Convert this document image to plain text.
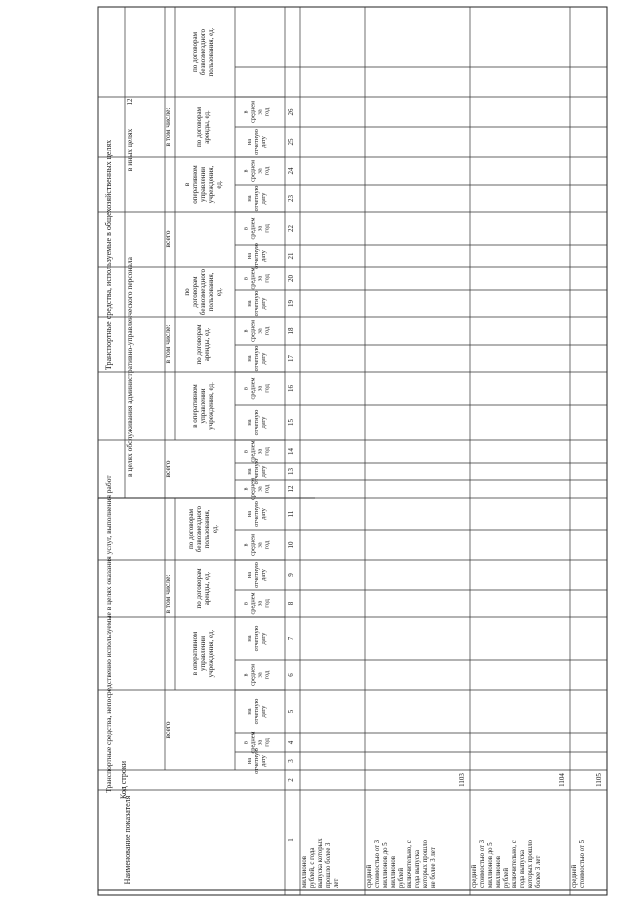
Транспортные средства, используемые в общехозяйственных целях в целях обслуживания административно-управленческого персонала
в иных целях
12
Транспортные средства, непосредственно используемые в целях оказания услуг, выполнения работ	всего
в том числе:
всего
в том числе:
всего
в том числе:
Наименование показателя
Код строки
в оперативномуправленииучреждения, ед.
по договорамаренды, ед.
по договорамбезвозмездногопользования,ед.
в оперативномуправленииучреждения, ед.
по договорамаренды, ед.
подоговорамбезвозмездногопользования,ед.
воперативномуправленииучреждения,ед.
по договорамаренды, ед.
по договорамбезвозмездногопользования, ед.
наотчетнуюдату
всреднемзагод
наотчетнуюдату
всреднемзагод
наотчетнуюдату
всреднемзагод
наотчетнуюдату
всреднемзагод
наотчетнуюдату
всреднемзагод
наотчетнуюдату
всреднемзагод
наотчетнуюдату
всреднемзагод
наотчетнуюдату
всреднемзагод
наотчетнуюдату
всреднемзагод
наотчетнуюдату
всреднемзагод
наотчетнуюдату
всреднемзагод
наотчетнуюдату
всреднемзагод
1
2
3
4
5
6
7
8
9
10
11
12
13
14
15
16
17
18
19
20
21
22
23
24
25
26
миллионоврублей, с годавыпуска которыхпрошло более 3лет	среднейстоимостью от 3миллионов до 5миллионоврублейвключительно, сгода выпускакоторых прошлоне более 3 лет
1103
среднейстоимостью от 3миллионов до 5миллионоврублейвключительно, сгода выпускакоторых прошлоболее 3 лет
1104
среднейстоимостью от 5
1105
